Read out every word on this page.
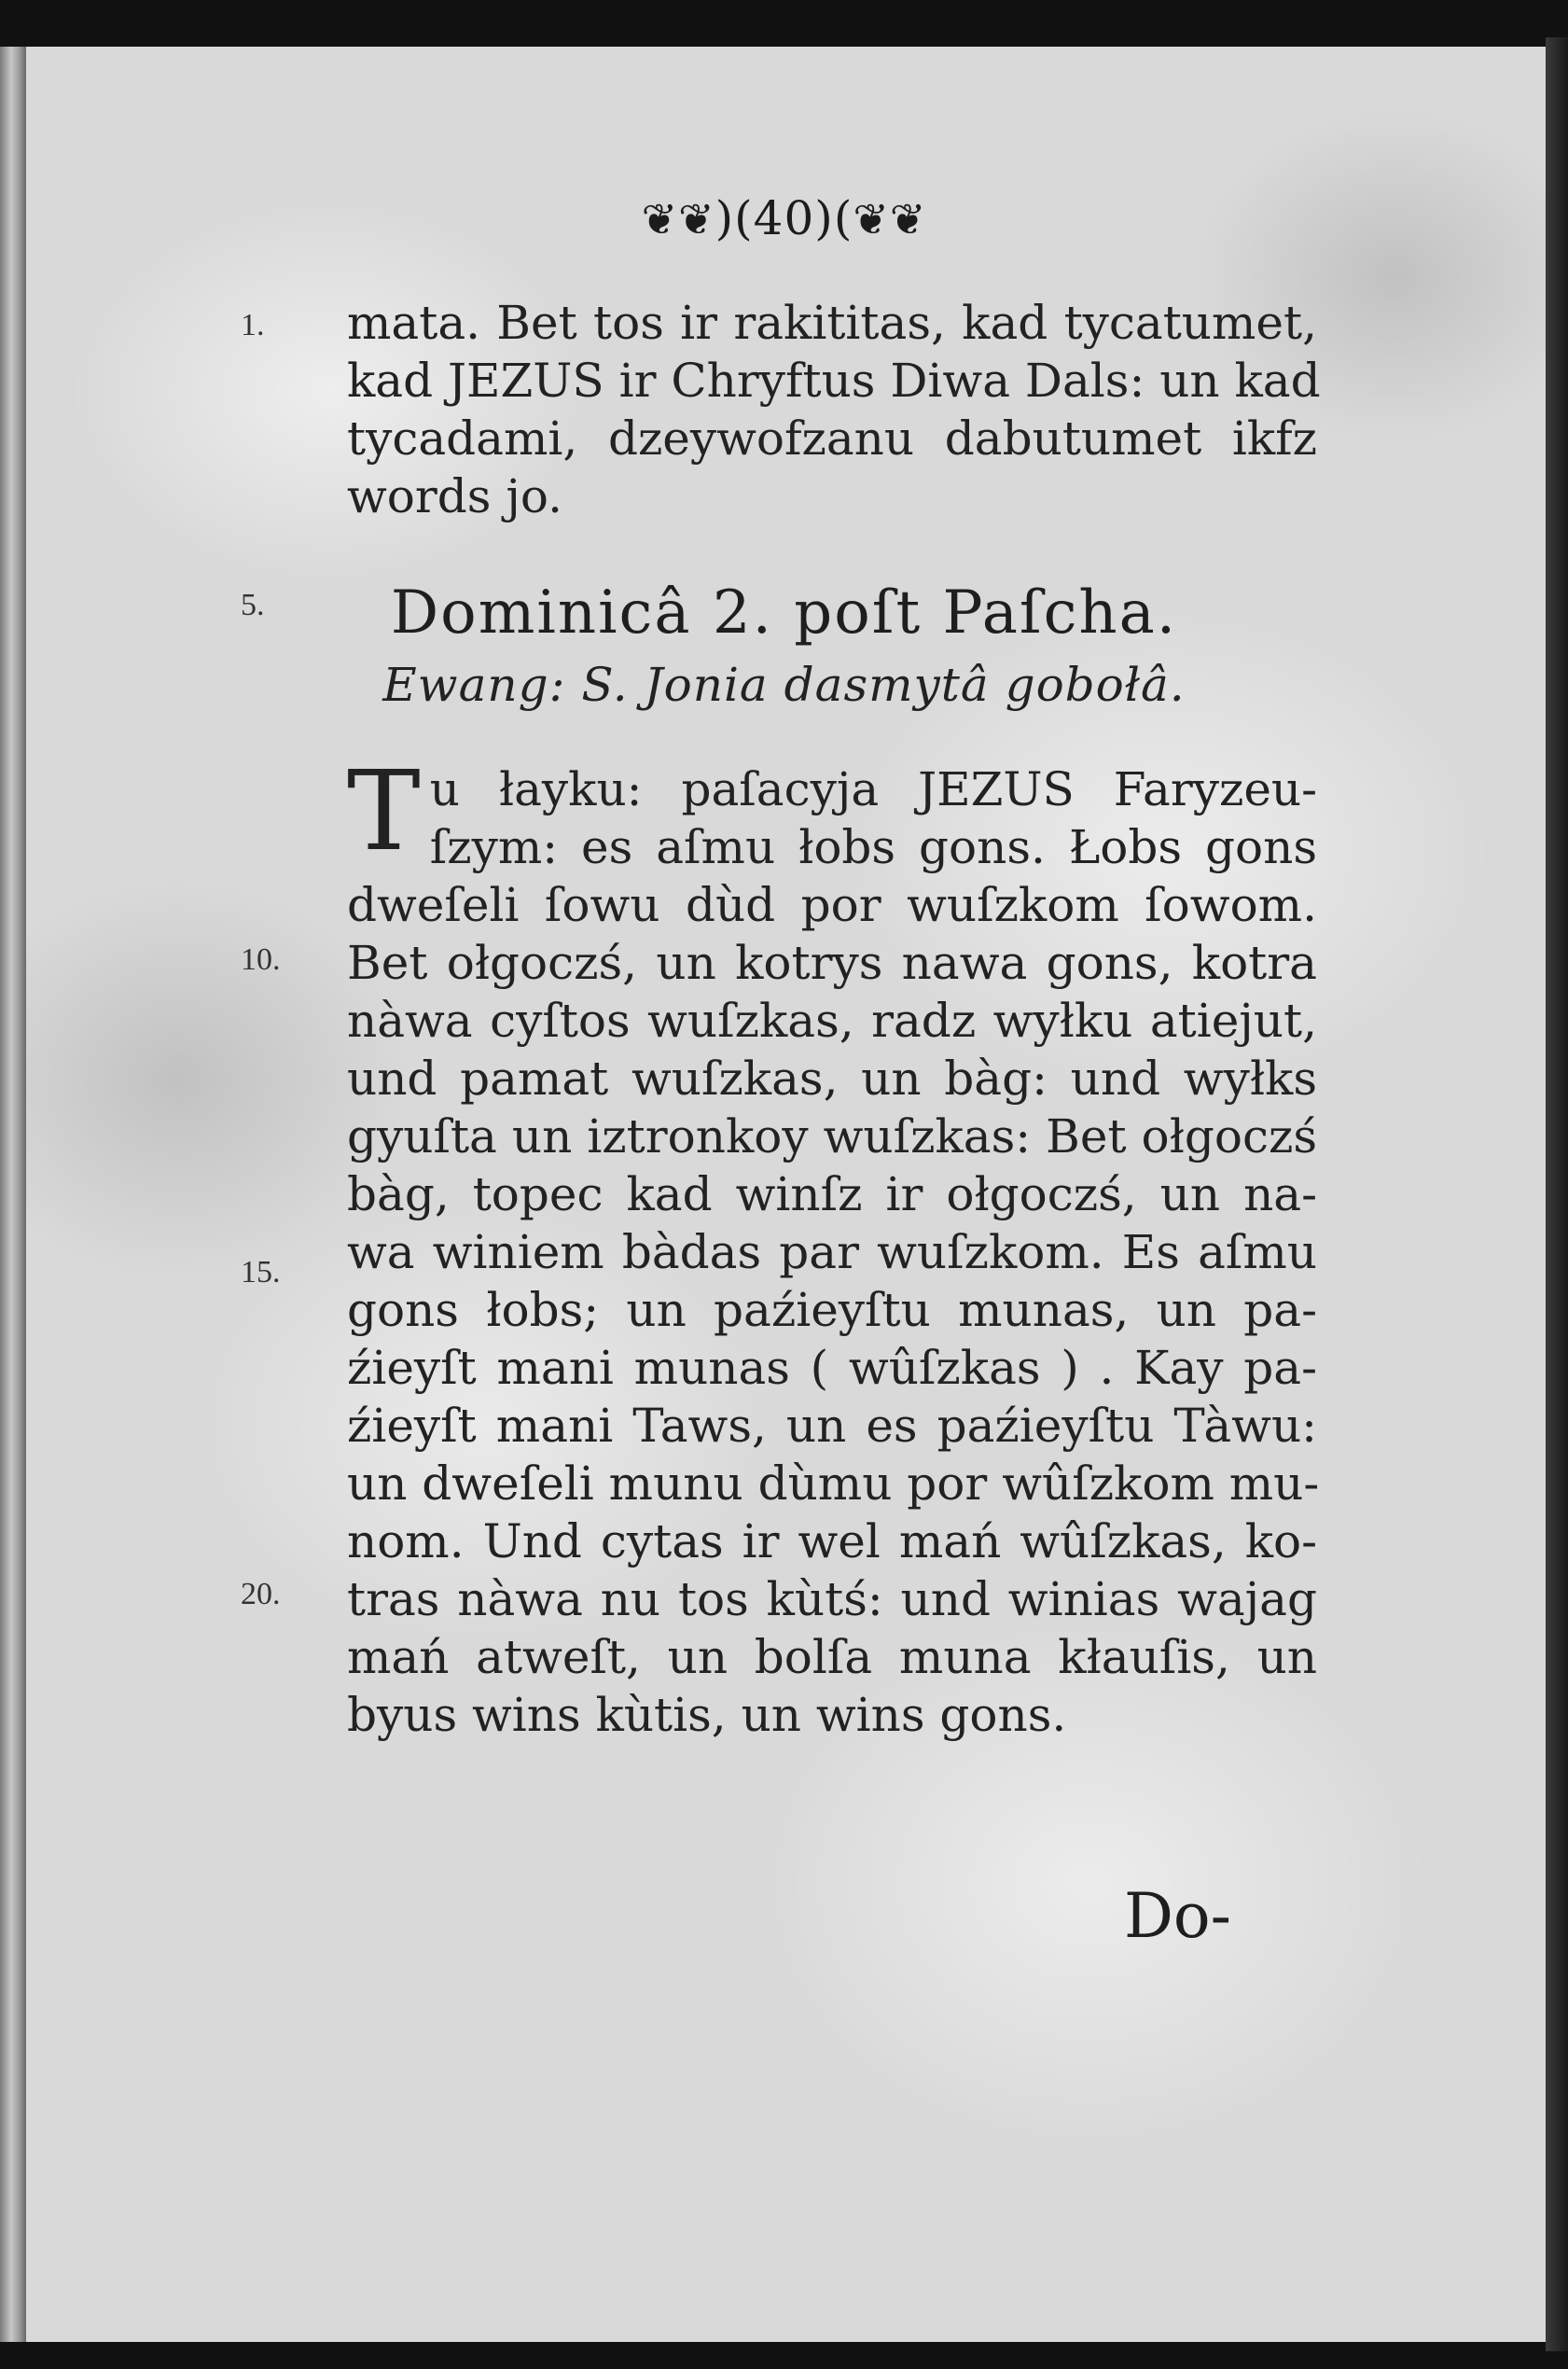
❦❦)(40)(❦❦
1.
5.
10.
15.
20.
mata. Bet tos ir rakititas, kad tycatumet,
kad JEZUS ir Chryftus Diwa Dals: un kad
tycadami, dzeywofzanu dabutumet ikfz
words jo.
Dominicâ 2. poſt Paſcha.
Ewang: S. Jonia dasmytâ gobołâ.
T u łayku: paſacyja JEZUS Faryzeu-
ſzym: es aſmu łobs gons. Łobs gons
dweſeli ſowu dùd por wuſzkom ſowom.
Bet ołgoczś, un kotrys nawa gons, kotra
nàwa cyſtos wuſzkas, radz wyłku atiejut,
und pamat wuſzkas, un bàg: und wyłks
gyuſta un iztronkoy wuſzkas: Bet ołgoczś
bàg, topec kad winſz ir ołgoczś, un na-
wa winiem bàdas par wuſzkom. Es aſmu
gons łobs; un paźieyſtu munas, un pa-
źieyſt mani munas ( wûſzkas ) . Kay pa-
źieyſt mani Taws, un es paźieyſtu Tàwu:
un dweſeli munu dùmu por wûſzkom mu-
nom. Und cytas ir wel mań wûſzkas, ko-
tras nàwa nu tos kùtś: und winias wajag
mań atweſt, un bolſa muna kłauſis, un
byus wins kùtis, un wins gons.
Do-
